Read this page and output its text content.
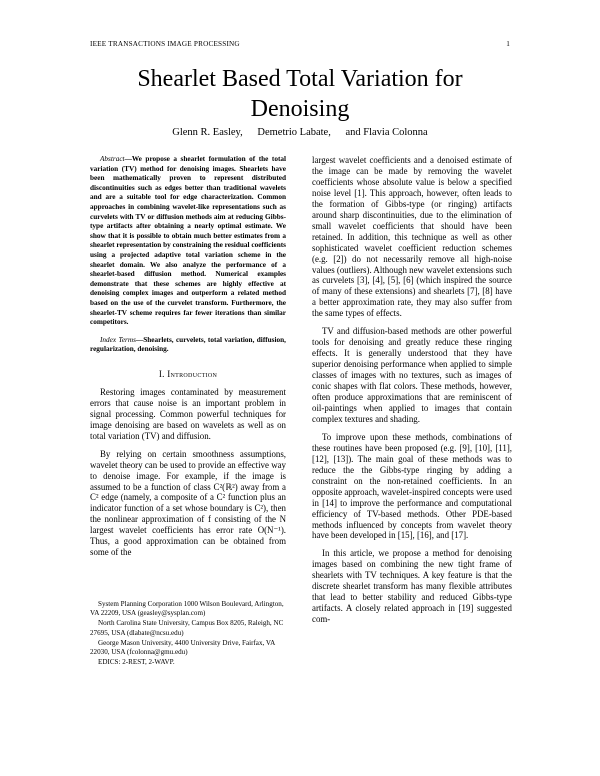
IEEE TRANSACTIONS IMAGE PROCESSING	1
Shearlet Based Total Variation for Denoising
Glenn R. Easley, Demetrio Labate, and Flavia Colonna

Abstract—We propose a shearlet formulation of the total variation (TV) method for denoising images. Shearlets have been mathematically proven to represent distributed discontinuities such as edges better than traditional wavelets and are a suitable tool for edge characterization. Common approaches in combining wavelet-like representations such as curvelets with TV or diffusion methods aim at reducing Gibbs-type artifacts after obtaining a nearly optimal estimate. We show that it is possible to obtain much better estimates from a shearlet representation by constraining the residual coefficients using a projected adaptive total variation scheme in the shearlet domain. We also analyze the performance of a shearlet-based diffusion method. Numerical examples demonstrate that these schemes are highly effective at denoising complex images and outperform a related method based on the use of the curvelet transform. Furthermore, the shearlet-TV scheme requires far fewer iterations than similar competitors.

Index Terms—Shearlets, curvelets, total variation, diffusion, regularization, denoising.

I. Introduction

Restoring images contaminated by measurement errors that cause noise is an important problem in signal processing. Common powerful techniques for image denoising are based on wavelets as well as on total variation (TV) and diffusion.

By relying on certain smoothness assumptions, wavelet theory can be used to provide an effective way to denoise image. For example, if the image is assumed to be a function of class C²(ℝ²) away from a C² edge (namely, a composite of a C² function plus an indicator function of a set whose boundary is C²), then the nonlinear approximation of f consisting of the N largest wavelet coefficients has error rate O(N⁻¹). Thus, a good approximation can be obtained from some of the

System Planning Corporation 1000 Wilson Boulevard, Arlington, VA 22209, USA (geasley@sysplan.com)

North Carolina State University, Campus Box 8205, Raleigh, NC 27695, USA (dlabate@ncsu.edu)

George Mason University, 4400 University Drive, Fairfax, VA 22030, USA (fcolonna@gmu.edu)

EDICS: 2-REST, 2-WAVP.

largest wavelet coefficients and a denoised estimate of the image can be made by removing the wavelet coefficients whose absolute value is below a specified noise level [1]. This approach, however, often leads to the formation of Gibbs-type (or ringing) artifacts around sharp discontinuities, due to the elimination of small wavelet coefficients that should have been retained. In addition, this technique as well as other sophisticated wavelet coefficient reduction schemes (e.g. [2]) do not necessarily remove all high-noise values (outliers). Although new wavelet extensions such as curvelets [3], [4], [5], [6] (which inspired the source of many of these extensions) and shearlets [7], [8] have a better approximation rate, they may also suffer from the same types of effects.

TV and diffusion-based methods are other powerful tools for denoising and greatly reduce these ringing effects. It is generally understood that they have superior denoising performance when applied to simple classes of images with no textures, such as images of conic shapes with flat colors. These methods, however, often produce approximations that are reminiscent of oil-paintings when applied to images that contain complex textures and shading.

To improve upon these methods, combinations of these routines have been proposed (e.g. [9], [10], [11], [12], [13]). The main goal of these methods was to reduce the the Gibbs-type ringing by adding a constraint on the non-retained coefficients. In an opposite approach, wavelet-inspired concepts were used in [14] to improve the performance and computational efficiency of TV-based methods. Other PDE-based methods influenced by concepts from wavelet theory have been developed in [15], [16], and [17].

In this article, we propose a method for denoising images based on combining the new tight frame of shearlets with TV techniques. A key feature is that the discrete shearlet transform has many flexible attributes that lead to better stability and reduced Gibbs-type artifacts. A closely related approach in [19] suggested com-
